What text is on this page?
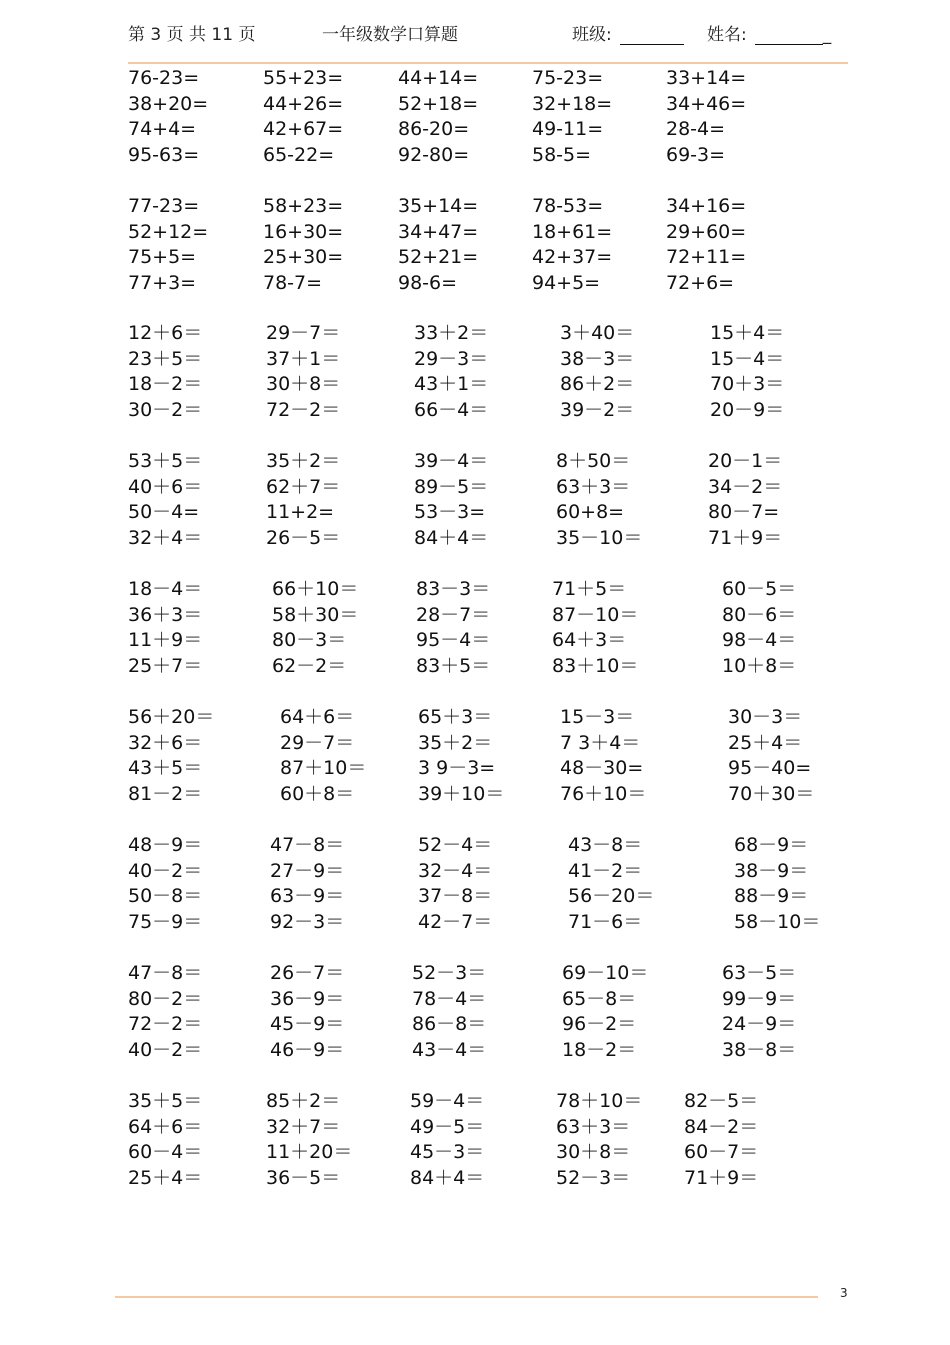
第 3 页 共 11 页	一年级数学口算题	班级:	姓名:	_
76-23=	55+23=	44+14=	75-23=	33+14=
38+20=	44+26=	52+18=	32+18=	34+46=
74+4=	42+67=	86-20=	49-11=	28-4=
95-63=	65-22=	92-80=	58-5=	69-3=
77-23=	58+23=	35+14=	78-53=	34+16=
52+12=	16+30=	34+47=	18+61=	29+60=
75+5=	25+30=	52+21=	42+37=	72+11=
77+3=	78-7=	98-6=	94+5=	72+6=
12＋6＝	29－7＝	33＋2＝	3＋40＝	15＋4＝
23＋5＝	37＋1＝	29－3＝	38－3＝	15－4＝
18－2＝	30＋8＝	43＋1＝	86＋2＝	70＋3＝
30－2＝	72－2＝	66－4＝	39－2＝	20－9＝
53＋5＝	35＋2＝	39－4＝	8＋50＝	20－1＝
40＋6＝	62＋7＝	89－5＝	63＋3＝	34－2＝
50－4=	11+2=	53－3=	60+8=	80－7=
32＋4＝	26－5＝	84＋4＝	35－10＝	71＋9＝
18－4＝	66＋10＝	83－3＝	71＋5＝	60－5＝
36＋3＝	58＋30＝	28－7＝	87－10＝	80－6＝
11＋9＝	80－3＝	95－4＝	64＋3＝	98－4＝
25＋7＝	62－2＝	83＋5＝	83＋10＝	10＋8＝
56＋20＝	64＋6＝	65＋3＝	15－3＝	30－3＝
32＋6＝	29－7＝	35＋2＝	7 3＋4＝	25＋4＝
43＋5＝	87＋10＝	3 9－3=	48－30=	95－40=
81－2＝	60＋8＝	39＋10＝	76＋10＝	70＋30＝
48－9＝	47－8＝	52－4＝	43－8＝	68－9＝
40－2＝	27－9＝	32－4＝	41－2＝	38－9＝
50－8＝	63－9＝	37－8＝	56－20＝	88－9＝
75－9＝	92－3＝	42－7＝	71－6＝	58－10＝
47－8＝	26－7＝	52－3＝	69－10＝	63－5＝
80－2＝	36－9＝	78－4＝	65－8＝	99－9＝
72－2＝	45－9＝	86－8＝	96－2＝	24－9＝
40－2＝	46－9＝	43－4＝	18－2＝	38－8＝
35＋5＝	85＋2＝	59－4＝	78＋10＝ 82－5＝
64＋6＝	32＋7＝	49－5＝	63＋3＝	84－2＝
60－4＝	11＋20＝	45－3＝	30＋8＝	60－7＝
25＋4＝	36－5＝	84＋4＝	52－3＝	71＋9＝
3
